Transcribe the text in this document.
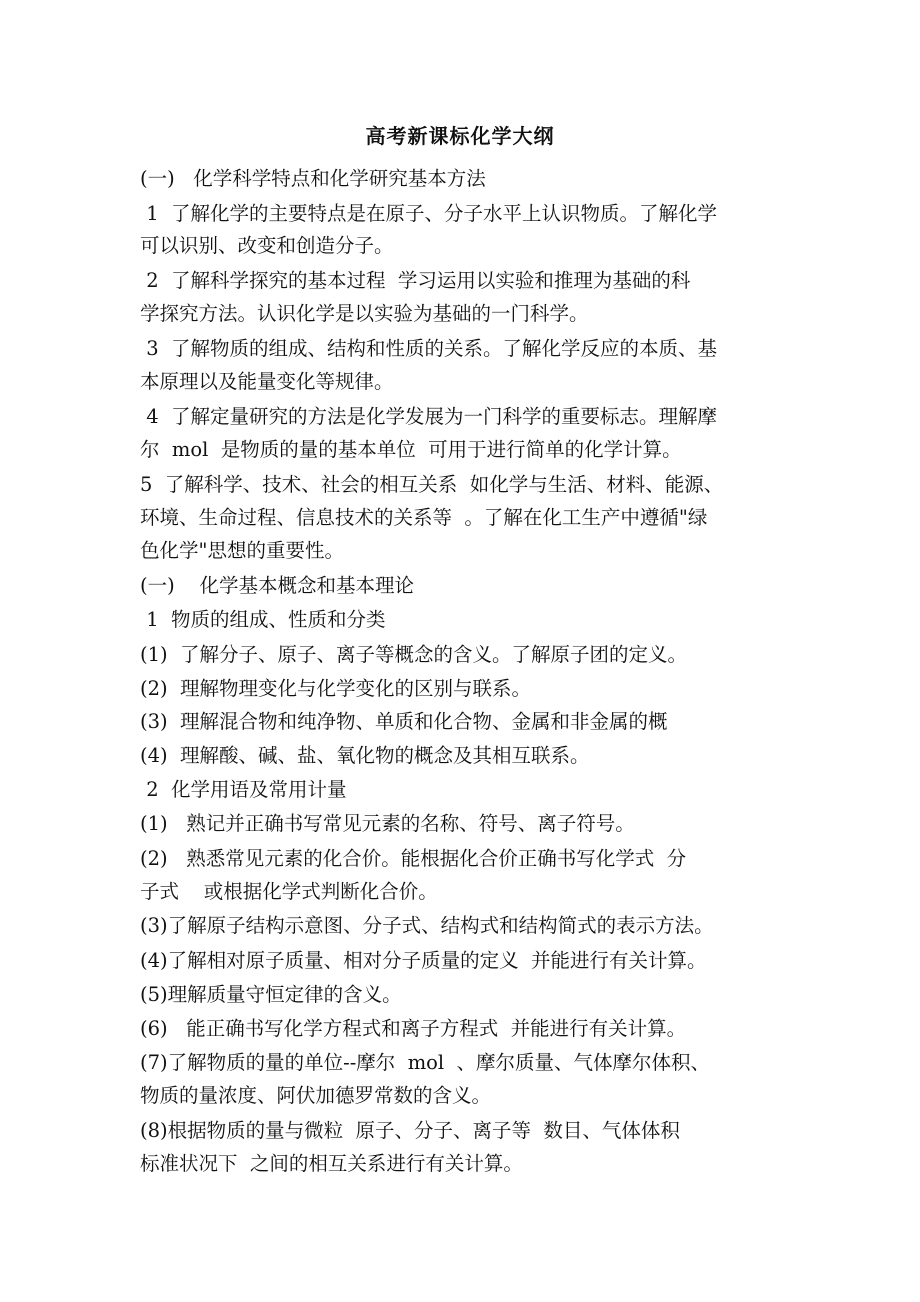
高考新课标化学大纲
(一)   化学科学特点和化学研究基本方法
1  了解化学的主要特点是在原子、分子水平上认识物质。了解化学
可以识别、改变和创造分子。
2  了解科学探究的基本过程  学习运用以实验和推理为基础的科
学探究方法。认识化学是以实验为基础的一门科学。
3  了解物质的组成、结构和性质的关系。了解化学反应的本质、基
本原理以及能量变化等规律。
4  了解定量研究的方法是化学发展为一门科学的重要标志。理解摩
尔  mol  是物质的量的基本单位  可用于进行简单的化学计算。
5  了解科学、技术、社会的相互关系  如化学与生活、材料、能源、
环境、生命过程、信息技术的关系等  。了解在化工生产中遵循"绿
色化学"思想的重要性。
(一)    化学基本概念和基本理论
1  物质的组成、性质和分类
(1)  了解分子、原子、离子等概念的含义。了解原子团的定义。
(2)  理解物理变化与化学变化的区别与联系。
(3)  理解混合物和纯净物、单质和化合物、金属和非金属的概
(4)  理解酸、碱、盐、氧化物的概念及其相互联系。
2  化学用语及常用计量
(1)   熟记并正确书写常见元素的名称、符号、离子符号。
(2)   熟悉常见元素的化合价。能根据化合价正确书写化学式  分
子式    或根据化学式判断化合价。
(3)了解原子结构示意图、分子式、结构式和结构简式的表示方法。
(4)了解相对原子质量、相对分子质量的定义  并能进行有关计算。
(5)理解质量守恒定律的含义。
(6)   能正确书写化学方程式和离子方程式  并能进行有关计算。
(7)了解物质的量的单位--摩尔  mol  、摩尔质量、气体摩尔体积、
物质的量浓度、阿伏加德罗常数的含义。
(8)根据物质的量与微粒  原子、分子、离子等  数目、气体体积
标准状况下  之间的相互关系进行有关计算。
